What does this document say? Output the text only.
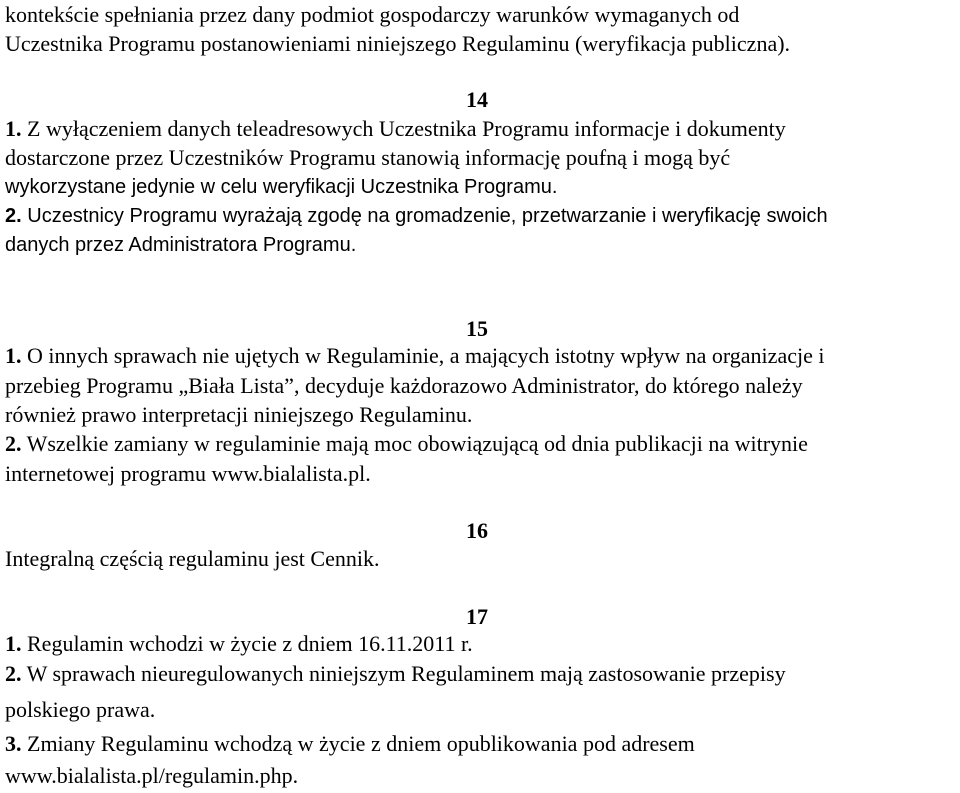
kontekście spełniania przez dany podmiot gospodarczy warunków wymaganych od
Uczestnika Programu postanowieniami niniejszego Regulaminu (weryfikacja publiczna).
14
1. Z wyłączeniem danych teleadresowych Uczestnika Programu informacje i dokumenty
dostarczone przez Uczestników Programu stanowią informację poufną i mogą być
wykorzystane jedynie w celu weryfikacji Uczestnika Programu.
2. Uczestnicy Programu wyrażają zgodę na gromadzenie, przetwarzanie i weryfikację swoich
danych przez Administratora Programu.
15
1. O innych sprawach nie ujętych w Regulaminie, a mających istotny wpływ na organizacje i
przebieg Programu „Biała Lista”, decyduje każdorazowo Administrator, do którego należy
również prawo interpretacji niniejszego Regulaminu.
2. Wszelkie zamiany w regulaminie mają moc obowiązującą od dnia publikacji na witrynie
internetowej programu www.bialalista.pl.
16
Integralną częścią regulaminu jest Cennik.
17
1. Regulamin wchodzi w życie z dniem 16.11.2011 r.
2. W sprawach nieuregulowanych niniejszym Regulaminem mają zastosowanie przepisy
polskiego prawa.
3. Zmiany Regulaminu wchodzą w życie z dniem opublikowania pod adresem
www.bialalista.pl/regulamin.php.
